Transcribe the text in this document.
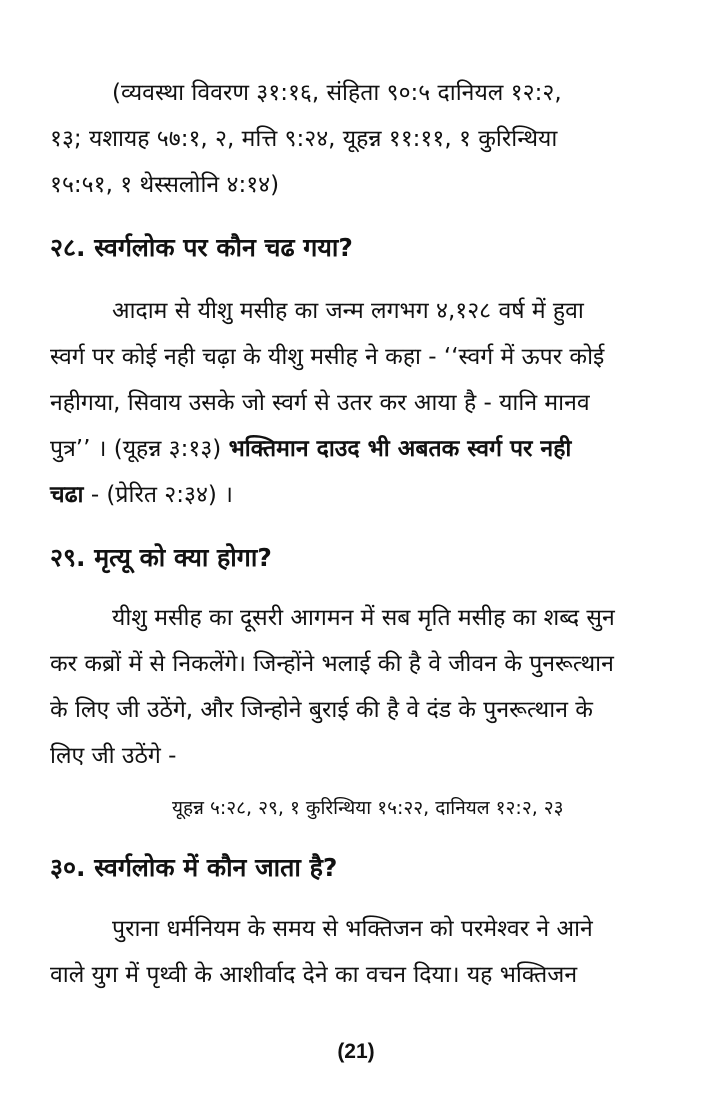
(व्यवस्था विवरण ३१:१६, संहिता ९०:५ दानियल १२:२,
१३; यशायह ५७:१, २, मत्ति ९:२४, यूहन्न ११:११, १ कुरिन्थिया
१५:५१, १ थेस्सलोनि ४:१४)
२८. स्वर्गलोक पर कौन चढ गया?
आदाम से यीशु मसीह का जन्म लगभग ४,१२८ वर्ष में हुवा
स्वर्ग पर कोई नही चढ़ा के यीशु मसीह ने कहा - ‘‘स्वर्ग में ऊपर कोई
नहीगया, सिवाय उसके जो स्वर्ग से उतर कर आया है - यानि मानव
पुत्र’’ । (यूहन्न ३:१३) भक्तिमान दाउद भी अबतक स्वर्ग पर नही
चढा - (प्रेरित २:३४) ।
२९. मृत्यू को क्या होगा?
यीशु मसीह का दूसरी आगमन में सब मृति मसीह का शब्द सुन
कर कब्रों में से निकलेंगे। जिन्होंने भलाई की है वे जीवन के पुनरूत्थान
के लिए जी उठेंगे, और जिन्होने बुराई की है वे दंड के पुनरूत्थान के
लिए जी उठेंगे -
यूहन्न ५:२८, २९, १ कुरिन्थिया १५:२२, दानियल १२:२, २३
३०. स्वर्गलोक में कौन जाता है?
पुराना धर्मनियम के समय से भक्तिजन को परमेश्वर ने आने
वाले युग में पृथ्वी के आशीर्वाद देने का वचन दिया। यह भक्तिजन
(21)
